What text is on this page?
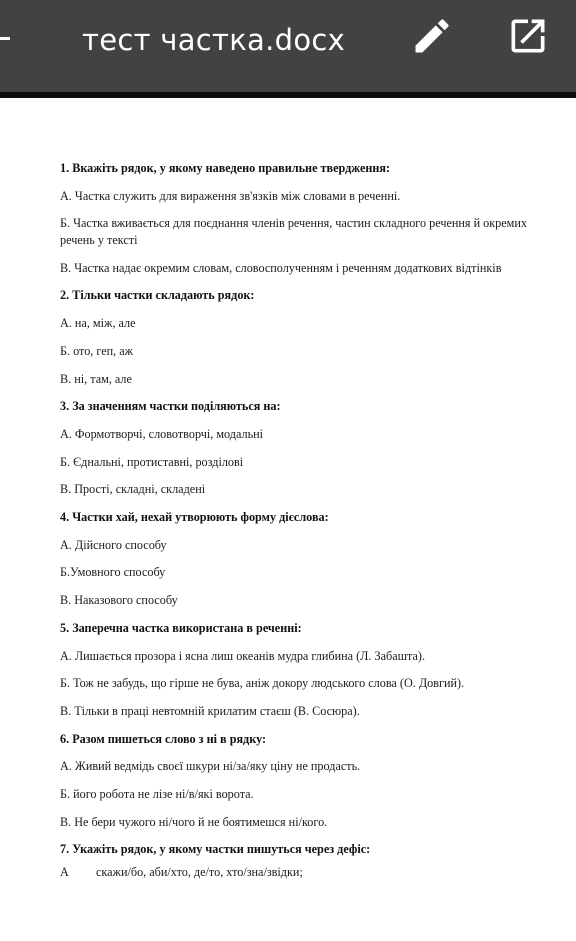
тест частка.docx
1. Вкажіть рядок, у якому наведено правильне твердження:
А. Частка служить для вираження зв'язків між словами в реченні.
Б. Частка вживається для поєднання членів речення, частин складного речення й окремих
речень у тексті
В. Частка надає окремим словам, словосполученням і реченням додаткових відтінків
2. Тільки частки складають рядок:
А. на, між, але
Б. ото, геп, аж
В. ні, там, але
3. За значенням частки поділяються на:
А. Формотворчі, словотворчі, модальні
Б. Єднальні, протиставні, розділові
В. Прості, складні, складені
4. Частки хай, нехай утворюють форму дієслова:
А. Дійсного способу
Б.Умовного способу
В. Наказового способу
5. Заперечна частка використана в реченні:
А. Лишається прозора і ясна лиш океанів мудра глибина (Л. Забашта).
Б. Тож не забудь, що гірше не бува, аніж докору людського слова (О. Довгий).
В. Тільки в праці невтомній крилатим стаєш (В. Сосюра).
6. Разом пишеться слово з ні в рядку:
А. Живий ведмідь своєї шкури ні/за/яку ціну не продасть.
Б. його робота не лізе ні/в/які ворота.
В. Не бери чужого ні/чого й не боятимешся ні/кого.
7. Укажіть рядок, у якому частки пишуться через дефіс:
А скажи/бо, аби/хто, де/то, хто/зна/звідки;
